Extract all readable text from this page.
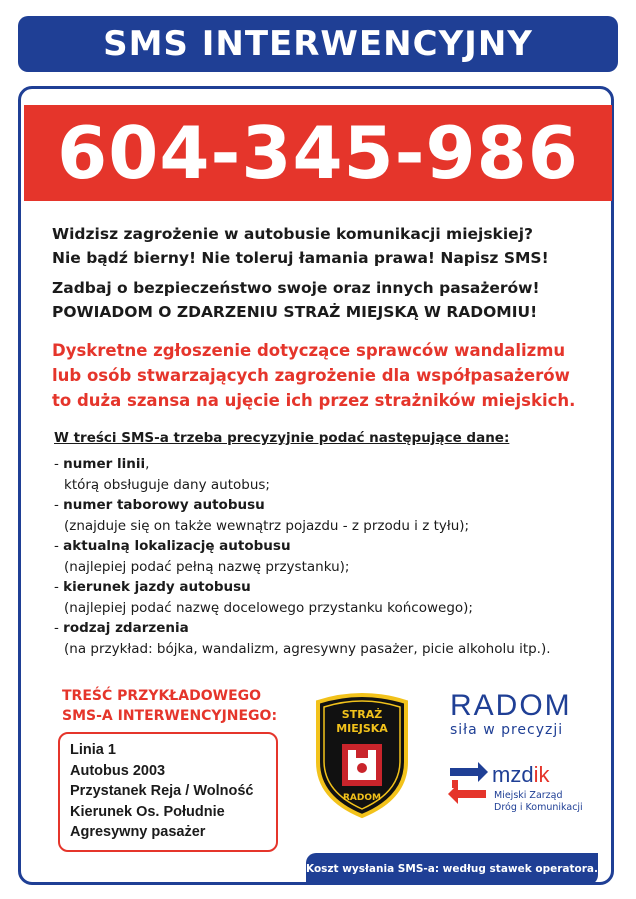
SMS INTERWENCYJNY
604-345-986
Widzisz zagrożenie w autobusie komunikacji miejskiej?
Nie bądź bierny! Nie toleruj łamania prawa! Napisz SMS!
Zadbaj o bezpieczeństwo swoje oraz innych pasażerów!
POWIADOM O ZDARZENIU STRAŻ MIEJSKĄ W RADOMIU!
Dyskretne zgłoszenie dotyczące sprawców wandalizmu
lub osób stwarzających zagrożenie dla współpasażerów
to duża szansa na ujęcie ich przez strażników miejskich.
W treści SMS-a trzeba precyzyjnie podać następujące dane:
- numer linii,
którą obsługuje dany autobus;
- numer taborowy autobusu
(znajduje się on także wewnątrz pojazdu - z przodu i z tyłu);
- aktualną lokalizację autobusu
(najlepiej podać pełną nazwę przystanku);
- kierunek jazdy autobusu
(najlepiej podać nazwę docelowego przystanku końcowego);
- rodzaj zdarzenia
(na przykład: bójka, wandalizm, agresywny pasażer, picie alkoholu itp.).
TREŚĆ PRZYKŁADOWEGO
SMS-A INTERWENCYJNEGO:
Linia 1
Autobus 2003
Przystanek Reja / Wolność
Kierunek Os. Południe
Agresywny pasażer
STRAŻ
MIEJSKA
RADOM
RADOM
siła w precyzji
mzdik
Miejski Zarząd
Dróg i Komunikacji
Koszt wysłania SMS-a: według stawek operatora.
